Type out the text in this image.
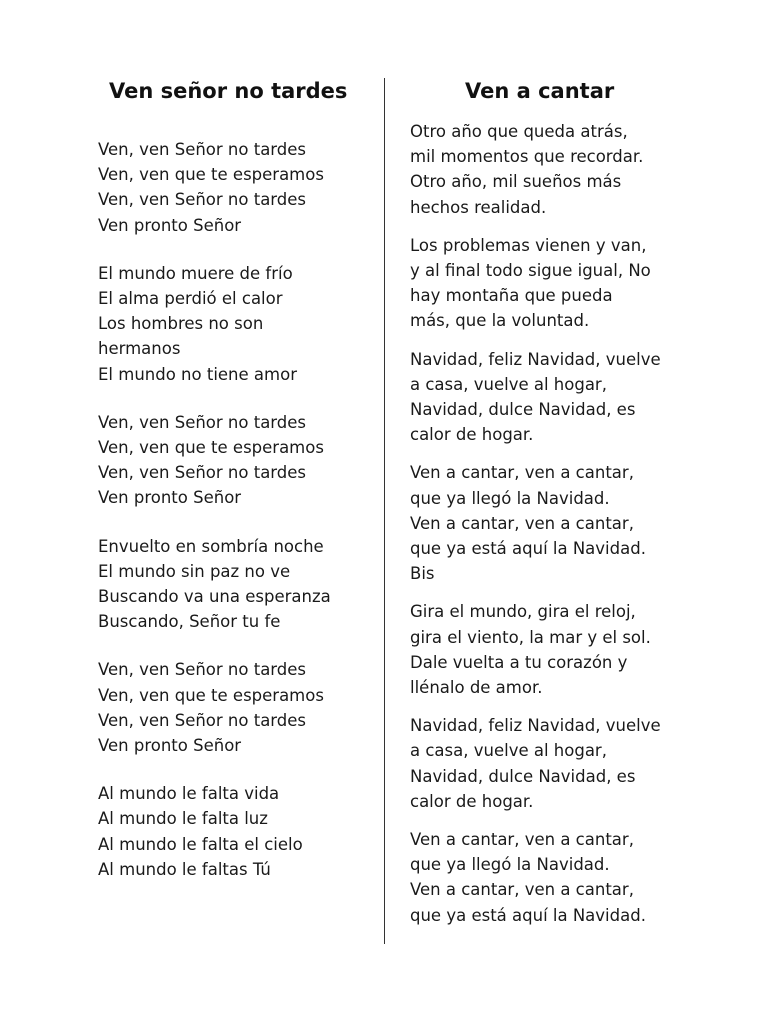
Ven señor no tardes

Ven, ven Señor no tardes
Ven, ven que te esperamos
Ven, ven Señor no tardes
Ven pronto Señor

El mundo muere de frío
El alma perdió el calor
Los hombres no son
hermanos
El mundo no tiene amor

Ven, ven Señor no tardes
Ven, ven que te esperamos
Ven, ven Señor no tardes
Ven pronto Señor

Envuelto en sombría noche
El mundo sin paz no ve
Buscando va una esperanza
Buscando, Señor tu fe

Ven, ven Señor no tardes
Ven, ven que te esperamos
Ven, ven Señor no tardes
Ven pronto Señor

Al mundo le falta vida
Al mundo le falta luz
Al mundo le falta el cielo
Al mundo le faltas Tú

Ven a cantar

Otro año que queda atrás,
mil momentos que recordar.
Otro año, mil sueños más
hechos realidad.

Los problemas vienen y van,
y al final todo sigue igual, No
hay montaña que pueda
más, que la voluntad.

Navidad, feliz Navidad, vuelve
a casa, vuelve al hogar,
Navidad, dulce Navidad, es
calor de hogar.

Ven a cantar, ven a cantar,
que ya llegó la Navidad.
Ven a cantar, ven a cantar,
que ya está aquí la Navidad.
Bis

Gira el mundo, gira el reloj,
gira el viento, la mar y el sol.
Dale vuelta a tu corazón y
llénalo de amor.

Navidad, feliz Navidad, vuelve
a casa, vuelve al hogar,
Navidad, dulce Navidad, es
calor de hogar.

Ven a cantar, ven a cantar,
que ya llegó la Navidad.
Ven a cantar, ven a cantar,
que ya está aquí la Navidad.
